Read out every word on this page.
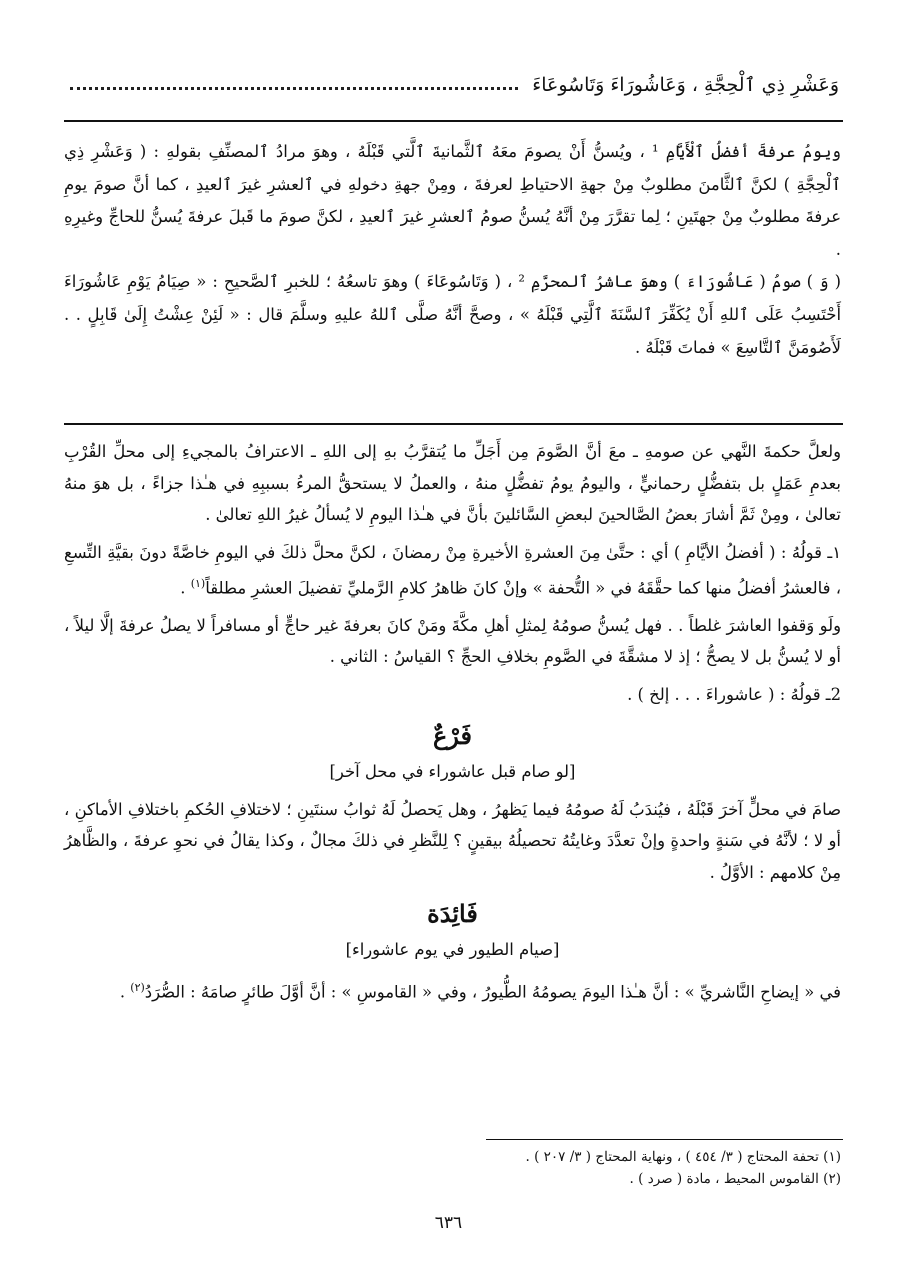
وَعَشْرِ ذِي ٱلْحِجَّةِ ، وَعَاشُورَاءَ وَتَاسُوعَاءَ

ويومُ عرفةَ أفضلُ ٱلْأَيَّامِ ¹ ، ويُسنُّ أَنْ يصومَ معَهُ ٱلثَّمانيةَ ٱلَّتي قَبْلَهُ ، وهوَ مرادُ ٱلمصنِّفِ بقولهِ : ( وَعَشْرِ ذِي ٱلْحِجَّةِ ) لكنَّ ٱلثَّامنَ مطلوبٌ مِنْ جهةِ الاحتياطِ لعرفةَ ، ومِنْ جهةِ دخولهِ في ٱلعشرِ غيرَ ٱلعيدِ ، كما أنَّ صومَ يومِ عرفةَ مطلوبٌ مِنْ جهتَينِ ؛ لِما تقرَّرَ مِنْ أنَّهُ يُسنُّ صومُ ٱلعشرِ غيرَ ٱلعيدِ ، لكنَّ صومَ ما قَبلَ عرفةَ يُسنُّ للحاجِّ وغيرِهِ .

( وَ ) صومُ ( عَاشُورَاءَ ) وهوَ عاشرُ ٱلمحرَّمِ ² ، ( وَتَاسُوعَاءَ ) وهوَ تاسعُهُ ؛ للخبرِ ٱلصَّحيحِ : « صِيَامُ يَوْمِ عَاشُورَاءَ أَحْتَسِبُ عَلَى ٱللهِ أَنْ يُكَفِّرَ ٱلسَّنَةَ ٱلَّتِي قَبْلَهُ » ، وصحَّ أنَّهُ صلَّى ٱللهُ عليهِ وسلَّمَ قال : « لَئِنْ عِشْتُ إِلَىٰ قَابِلٍ . . لَأَصُومَنَّ ٱلتَّاسِعَ » فماتَ قَبْلَهُ .

ولعلَّ حكمةَ النَّهي عن صومهِ ـ معَ أنَّ الصَّومَ مِن أَجَلِّ ما يُتقرَّبُ بهِ إلى اللهِ ـ الاعترافُ بالمجيءِ إلى محلِّ القُرْبِ بعدمِ عَمَلٍ بل بتفضُّلٍ رحمانيٍّ ، واليومُ يومُ تفضُّلٍ منهُ ، والعملُ لا يستحقُّ المرءُ بسببِهِ في هـٰذا جزاءً ، بل هوَ منهُ تعالىٰ ، ومِنْ ثَمَّ أشارَ بعضُ الصَّالحينَ لبعضِ السَّائلينَ بأنَّ في هـٰذا اليومِ لا يُسألُ غيرُ اللهِ تعالىٰ .

١ـ قولُهُ : ( أفضلُ الأيَّامِ ) أي : حتَّىٰ مِنَ العشرةِ الأخيرةِ مِنْ رمضانَ ، لكنَّ محلَّ ذلكَ في اليومِ خاصَّةً دونَ بقيَّةِ التِّسعِ ، فالعشرُ أفضلُ منها كما حقَّقَهُ في « التُّحفة » وإنْ كانَ ظاهرُ كلامِ الرَّمليِّ تفضيلَ العشرِ مطلقاً$^{(١)}$ .

ولَو وَقفوا العاشرَ غلطاً . . فهل يُسنُّ صومُهُ لِمثلِ أهلِ مكَّةَ ومَنْ كانَ بعرفةَ غير حاجٍّ أو مسافراً لا يصلُ عرفةَ إلَّا ليلاً ، أو لا يُسنُّ بل لا يصحُّ ؛ إذ لا مشقَّةَ في الصَّومِ بخلافِ الحجِّ ؟ القياسُ : الثاني .

2ـ قولُهُ : ( عاشوراءَ . . . إلخ ) .

فَرْعٌ

[لو صام قبل عاشوراء في محل آخر]

صامَ في محلٍّ آخرَ قَبْلَهُ ، فيُندَبُ لَهُ صومُهُ فيما يَظهرُ ، وهل يَحصلُ لَهُ ثوابُ سنتَينِ ؛ لاختلافِ الحُكمِ باختلافِ الأماكنِ ، أو لا ؛ لأنَّهُ في سَنةٍ واحدةٍ وإنْ تعدَّدَ وغايتُهُ تحصيلُهُ بيقينٍ ؟ لِلنَّظرِ في ذلكَ مجالٌ ، وكذا يقالُ في نحوِ عرفةَ ، والظَّاهرُ مِنْ كلامهم : الأوَّلُ .

فَائِدَة

[صيام الطيور في يوم عاشوراء]

في « إيضاحِ النَّاشريِّ » : أنَّ هـٰذا اليومَ يصومُهُ الطُّيورُ ، وفي « القاموسِ » : أنَّ أوَّلَ طائرٍ صامَهُ : الصُّرَدُ$^{(٢)}$ .

(١) تحفة المحتاج ( ٣/ ٤٥٤ ) ، ونهاية المحتاج ( ٣/ ٢٠٧ ) .

(٢) القاموس المحيط ، مادة ( صرد ) .

٦٣٦
